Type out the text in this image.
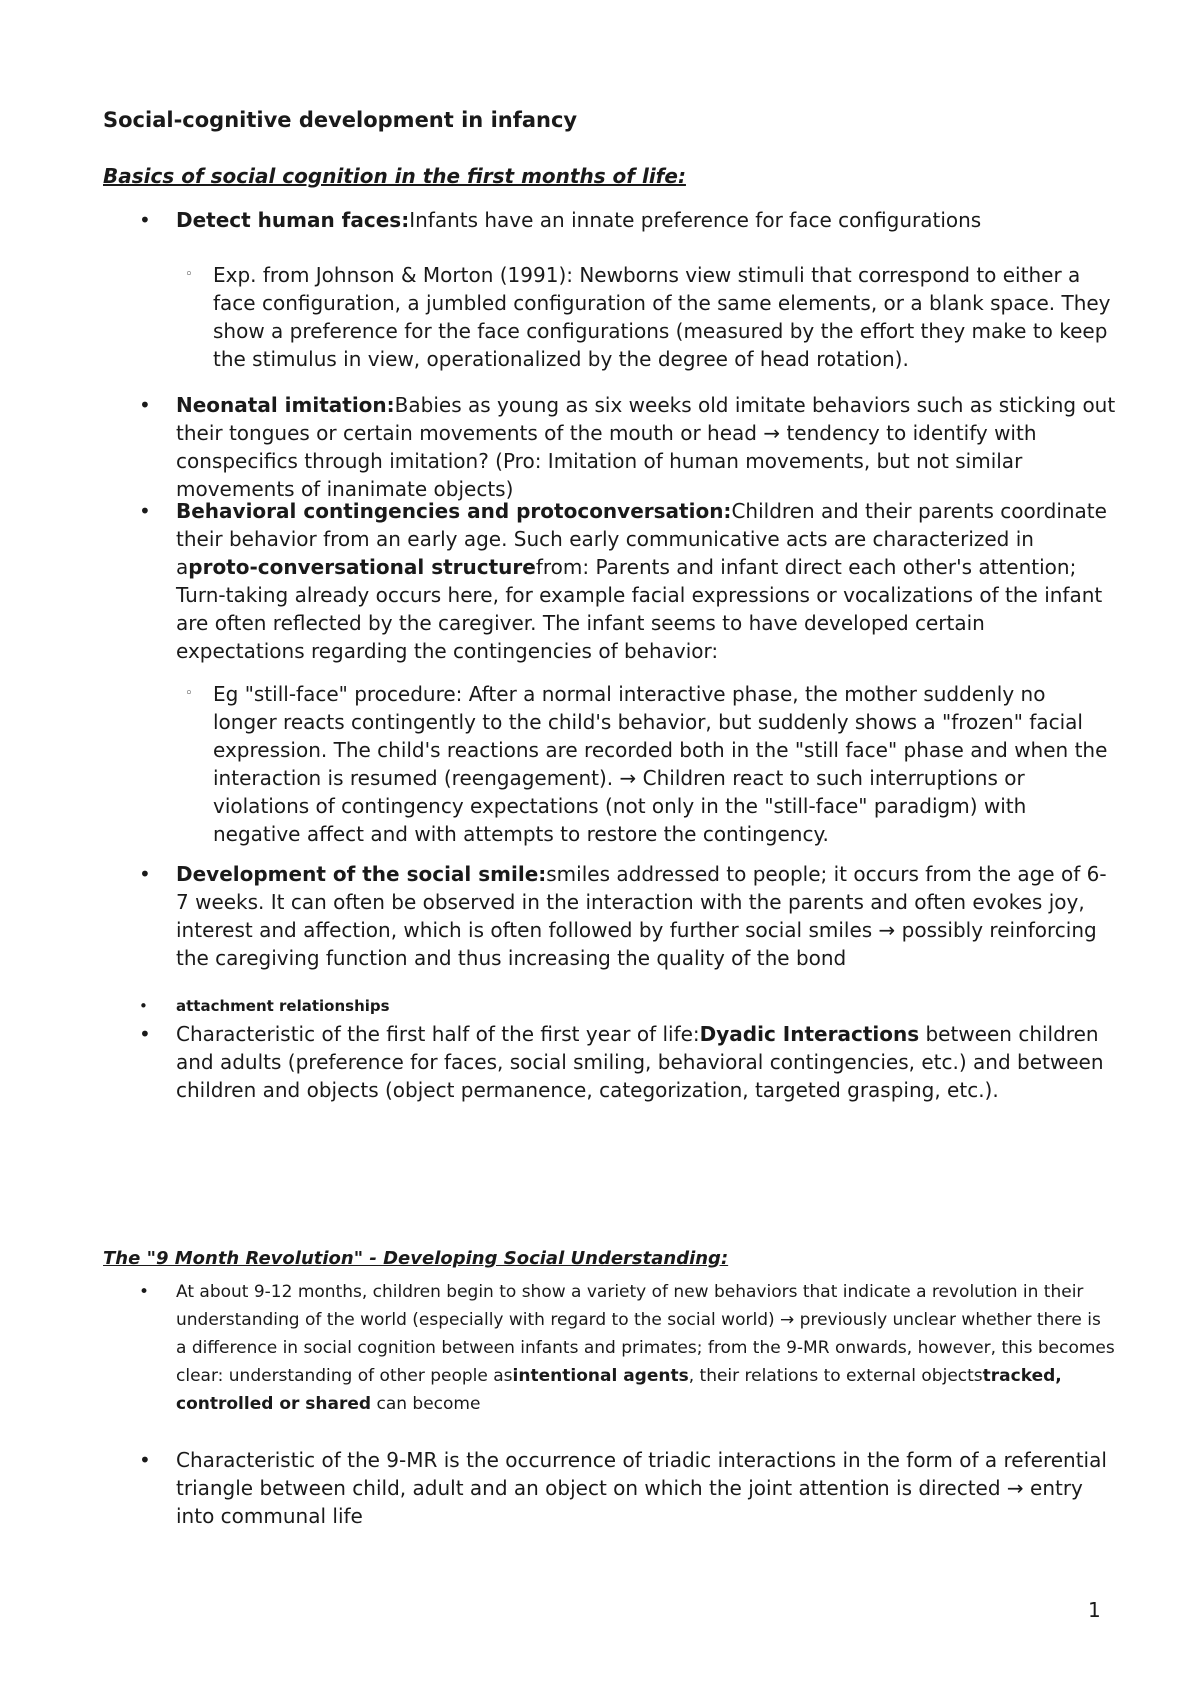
Social-cognitive development in infancy
Basics of social cognition in the first months of life:
• Detect human faces:Infants have an innate preference for face configurations
◦ Exp. from Johnson & Morton (1991): Newborns view stimuli that correspond to either a face configuration, a jumbled configuration of the same elements, or a blank space. They show a preference for the face configurations (measured by the effort they make to keep the stimulus in view, operationalized by the degree of head rotation).
• Neonatal imitation:Babies as young as six weeks old imitate behaviors such as sticking out their tongues or certain movements of the mouth or head → tendency to identify with conspecifics through imitation? (Pro: Imitation of human movements, but not similar movements of inanimate objects)
• Behavioral contingencies and protoconversation:Children and their parents coordinate their behavior from an early age. Such early communicative acts are characterized in aproto-conversational structurefrom: Parents and infant direct each other's attention; Turn-taking already occurs here, for example facial expressions or vocalizations of the infant are often reflected by the caregiver. The infant seems to have developed certain expectations regarding the contingencies of behavior:
◦ Eg "still-face" procedure: After a normal interactive phase, the mother suddenly no longer reacts contingently to the child's behavior, but suddenly shows a "frozen" facial expression. The child's reactions are recorded both in the "still face" phase and when the interaction is resumed (reengagement). → Children react to such interruptions or violations of contingency expectations (not only in the "still-face" paradigm) with negative affect and with attempts to restore the contingency.
• Development of the social smile:smiles addressed to people; it occurs from the age of 6-7 weeks. It can often be observed in the interaction with the parents and often evokes joy, interest and affection, which is often followed by further social smiles → possibly reinforcing the caregiving function and thus increasing the quality of the bond
• attachment relationships
• Characteristic of the first half of the first year of life:Dyadic Interactions between children and adults (preference for faces, social smiling, behavioral contingencies, etc.) and between children and objects (object permanence, categorization, targeted grasping, etc.).
The "9 Month Revolution" - Developing Social Understanding:
• At about 9-12 months, children begin to show a variety of new behaviors that indicate a revolution in their understanding of the world (especially with regard to the social world) → previously unclear whether there is a difference in social cognition between infants and primates; from the 9-MR onwards, however, this becomes clear: understanding of other people asintentional agents, their relations to external objectstracked, controlled or shared can become
• Characteristic of the 9-MR is the occurrence of triadic interactions in the form of a referential triangle between child, adult and an object on which the joint attention is directed → entry into communal life
1
